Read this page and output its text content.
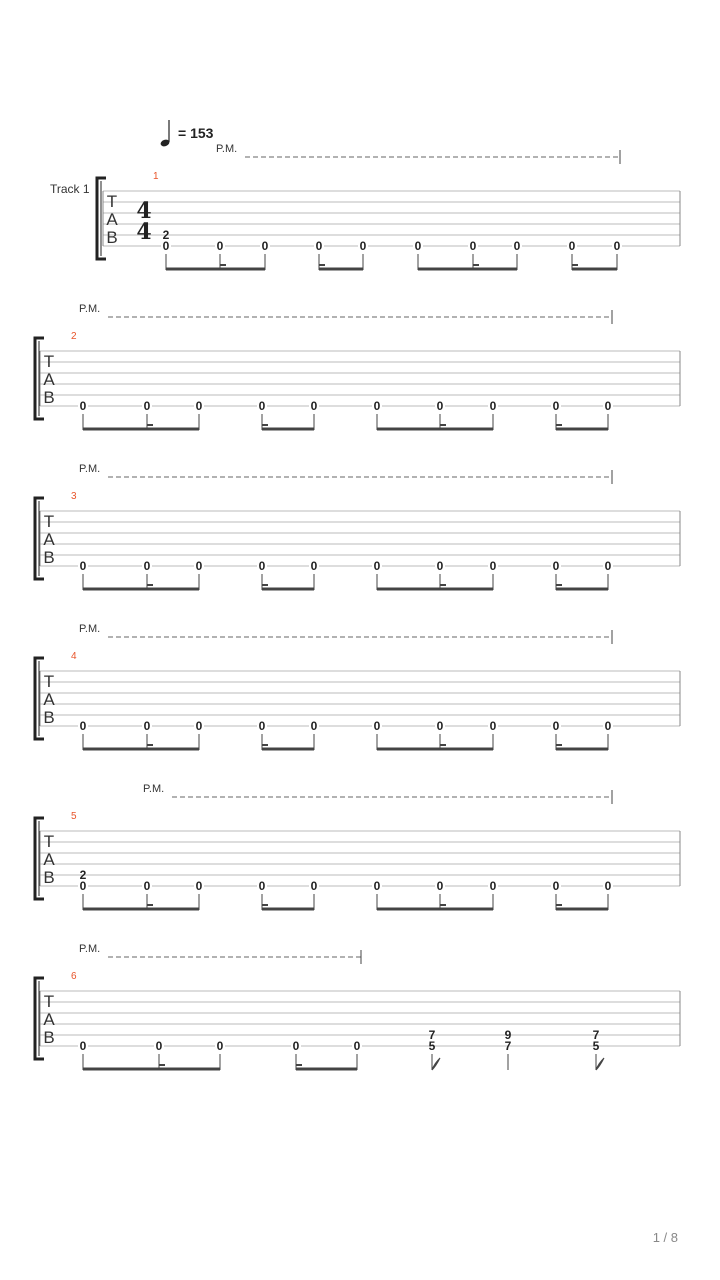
= 153
Track 1
1
P.M.
T
A
B
4
4
0
2
0	0	0	0	0	0	0	0	0
2
P.M.
T
A
B 0	0	0	0	0	0	0	0	0	0
3
P.M.
T
A
B 0	0	0	0	0	0	0	0	0	0
4
P.M.
T
A
B 0	0	0	0	0	0	0	0	0	0
5
P.M.
T
A
B 0
2
0	0	0	0	0	0	0	0	0
6
P.M.
T
A
B 0	0	0	0	0
7
5
9
7
7
5
1 / 8
